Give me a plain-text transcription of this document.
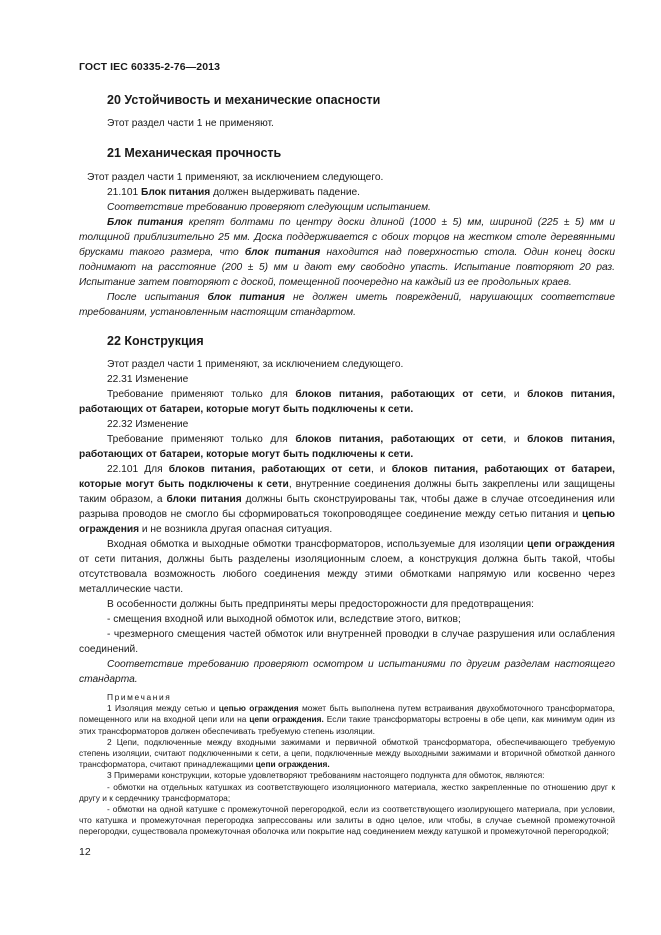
ГОСТ IEC 60335-2-76—2013
20 Устойчивость и механические опасности

Этот раздел части 1 не применяют.

21 Механическая прочность

Этот раздел части 1 применяют, за исключением следующего.

21.101 Блок питания должен выдерживать падение.

Соответствие требованию проверяют следующим испытанием.

Блок питания крепят болтами по центру доски длиной (1000 ± 5) мм, шириной (225 ± 5) мм и толщиной приблизительно 25 мм. Доска поддерживается с обоих торцов на жестком столе деревянными брусками такого размера, что блок питания находится над поверхностью стола. Один конец доски поднимают на расстояние (200 ± 5) мм и дают ему свободно упасть. Испытание повторяют 20 раз. Испытание затем повторяют с доской, помещенной поочередно на каждый из ее продольных краев.

После испытания блок питания не должен иметь повреждений, нарушающих соответствие требованиям, установленным настоящим стандартом.

22 Конструкция

Этот раздел части 1 применяют, за исключением следующего.

22.31 Изменение

Требование применяют только для блоков питания, работающих от сети, и блоков питания, работающих от батареи, которые могут быть подключены к сети.

22.32 Изменение

Требование применяют только для блоков питания, работающих от сети, и блоков питания, работающих от батареи, которые могут быть подключены к сети.

22.101 Для блоков питания, работающих от сети, и блоков питания, работающих от батареи, которые могут быть подключены к сети, внутренние соединения должны быть закреплены или защищены таким образом, а блоки питания должны быть сконструированы так, чтобы даже в случае отсоединения или разрыва проводов не смогло бы сформироваться токопроводящее соединение между сетью питания и цепью ограждения и не возникла другая опасная ситуация.

Входная обмотка и выходные обмотки трансформаторов, используемые для изоляции цепи ограждения от сети питания, должны быть разделены изоляционным слоем, а конструкция должна быть такой, чтобы отсутствовала возможность любого соединения между этими обмотками напрямую или косвенно через металлические части.

В особенности должны быть предприняты меры предосторожности для предотвращения:

- смещения входной или выходной обмоток или, вследствие этого, витков;

- чрезмерного смещения частей обмоток или внутренней проводки в случае разрушения или ослабления соединений.

Соответствие требованию проверяют осмотром и испытаниями по другим разделам настоящего стандарта.

Примечания

1 Изоляция между сетью и цепью ограждения может быть выполнена путем встраивания двухобмоточного трансформатора, помещенного или на входной цепи или на цепи ограждения. Если такие трансформаторы встроены в обе цепи, как минимум один из этих трансформаторов должен обеспечивать требуемую степень изоляции.

2 Цепи, подключенные между входными зажимами и первичной обмоткой трансформатора, обеспечивающего требуемую степень изоляции, считают подключенными к сети, а цепи, подключенные между выходными зажимами и вторичной обмоткой данного трансформатора, считают принадлежащими цепи ограждения.

3 Примерами конструкции, которые удовлетворяют требованиям настоящего подпункта для обмоток, являются:

- обмотки на отдельных катушках из соответствующего изоляционного материала, жестко закрепленные по отношению друг к другу и к сердечнику трансформатора;

- обмотки на одной катушке с промежуточной перегородкой, если из соответствующего изолирующего материала, при условии, что катушка и промежуточная перегородка запрессованы или залиты в одно целое, или чтобы, в случае съемной промежуточной перегородки, существовала промежуточная оболочка или покрытие над соединением между катушкой и промежуточной перегородкой;

12
